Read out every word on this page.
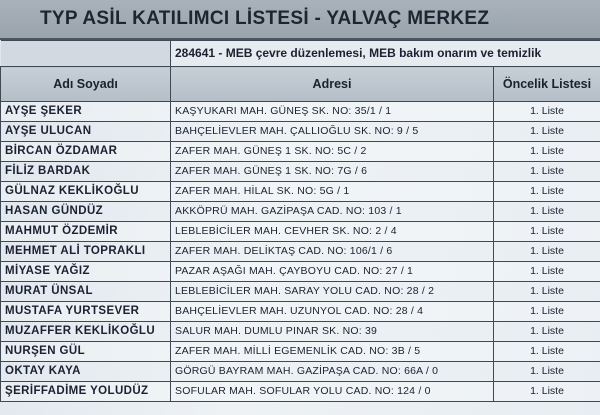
TYP ASİL KATILIMCI LİSTESİ - YALVAÇ MERKEZ
	284641 - MEB çevre düzenlemesi, MEB bakım onarım ve temizlik	
Adı Soyadı	Adresi	Öncelik Listesi
AYŞE ŞEKER	KAŞYUKARI MAH. GÜNEŞ SK. NO: 35/1 / 1	1. Liste
AYŞE ULUCAN	BAHÇELİEVLER MAH. ÇALLIOĞLU SK. NO: 9 / 5	1. Liste
BİRCAN ÖZDAMAR	ZAFER MAH. GÜNEŞ 1 SK. NO: 5C / 2	1. Liste
FİLİZ BARDAK	ZAFER MAH. GÜNEŞ 1 SK. NO: 7G / 6	1. Liste
GÜLNAZ KEKLİKOĞLU	ZAFER MAH. HİLAL SK. NO: 5G / 1	1. Liste
HASAN GÜNDÜZ	AKKÖPRÜ MAH. GAZİPAŞA CAD. NO: 103 / 1	1. Liste
MAHMUT ÖZDEMİR	LEBLEBİCİLER MAH. CEVHER SK. NO: 2 / 4	1. Liste
MEHMET ALİ TOPRAKLI	ZAFER MAH. DELİKTAŞ CAD. NO: 106/1 / 6	1. Liste
MİYASE YAĞIZ	PAZAR AŞAĞI MAH. ÇAYBOYU CAD. NO: 27 / 1	1. Liste
MURAT ÜNSAL	LEBLEBİCİLER MAH. SARAY YOLU CAD. NO: 28 / 2	1. Liste
MUSTAFA YURTSEVER	BAHÇELİEVLER MAH. UZUNYOL CAD. NO: 28 / 4	1. Liste
MUZAFFER KEKLİKOĞLU	SALUR MAH. DUMLU PINAR SK. NO: 39	1. Liste
NURŞEN GÜL	ZAFER MAH. MİLLİ EGEMENLİK CAD. NO: 3B / 5	1. Liste
OKTAY KAYA	GÖRGÜ BAYRAM MAH. GAZİPAŞA CAD. NO: 66A / 0	1. Liste
ŞERİFFADİME YOLUDÜZ	SOFULAR MAH. SOFULAR YOLU CAD. NO: 124 / 0	1. Liste
